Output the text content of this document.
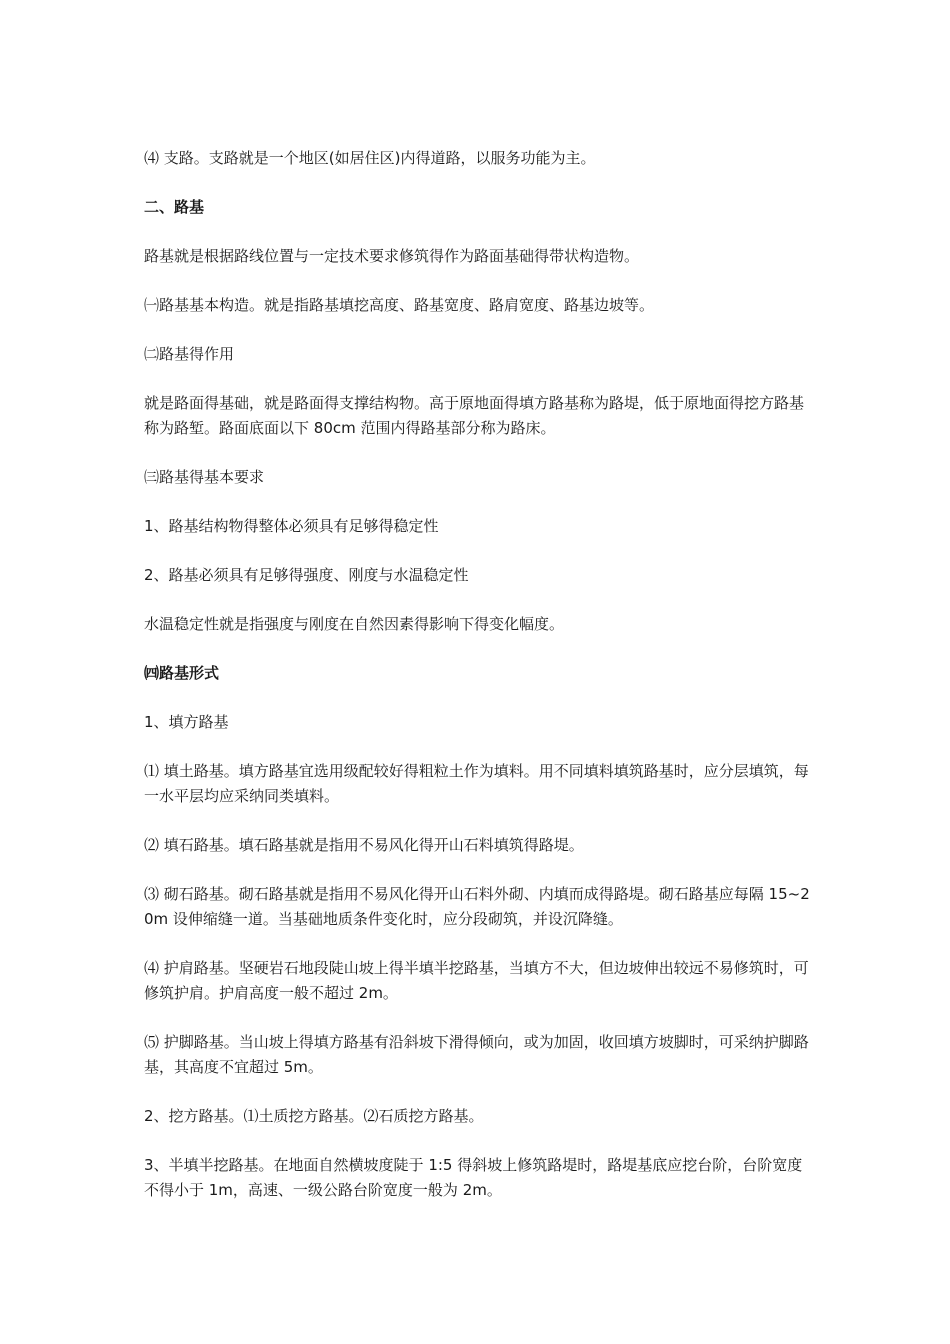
⑷ 支路。支路就是一个地区(如居住区)内得道路，以服务功能为主。

二、路基

路基就是根据路线位置与一定技术要求修筑得作为路面基础得带状构造物。

㈠路基基本构造。就是指路基填挖高度、路基宽度、路肩宽度、路基边坡等。

㈡路基得作用

就是路面得基础，就是路面得支撑结构物。高于原地面得填方路基称为路堤，低于原地面得挖方路基称为路堑。路面底面以下 80cm 范围内得路基部分称为路床。

㈢路基得基本要求

1、路基结构物得整体必须具有足够得稳定性

2、路基必须具有足够得强度、刚度与水温稳定性

水温稳定性就是指强度与刚度在自然因素得影响下得变化幅度。

㈣路基形式

1、填方路基

⑴ 填土路基。填方路基宜选用级配较好得粗粒土作为填料。用不同填料填筑路基时，应分层填筑，每一水平层均应采纳同类填料。

⑵ 填石路基。填石路基就是指用不易风化得开山石料填筑得路堤。

⑶ 砌石路基。砌石路基就是指用不易风化得开山石料外砌、内填而成得路堤。砌石路基应每隔 15~20m 设伸缩缝一道。当基础地质条件变化时，应分段砌筑，并设沉降缝。

⑷ 护肩路基。坚硬岩石地段陡山坡上得半填半挖路基，当填方不大，但边坡伸出较远不易修筑时，可修筑护肩。护肩高度一般不超过 2m。

⑸ 护脚路基。当山坡上得填方路基有沿斜坡下滑得倾向，或为加固，收回填方坡脚时，可采纳护脚路基，其高度不宜超过 5m。

2、挖方路基。⑴土质挖方路基。⑵石质挖方路基。

3、半填半挖路基。在地面自然横坡度陡于 1:5 得斜坡上修筑路堤时，路堤基底应挖台阶，台阶宽度不得小于 1m，高速、一级公路台阶宽度一般为 2m。
